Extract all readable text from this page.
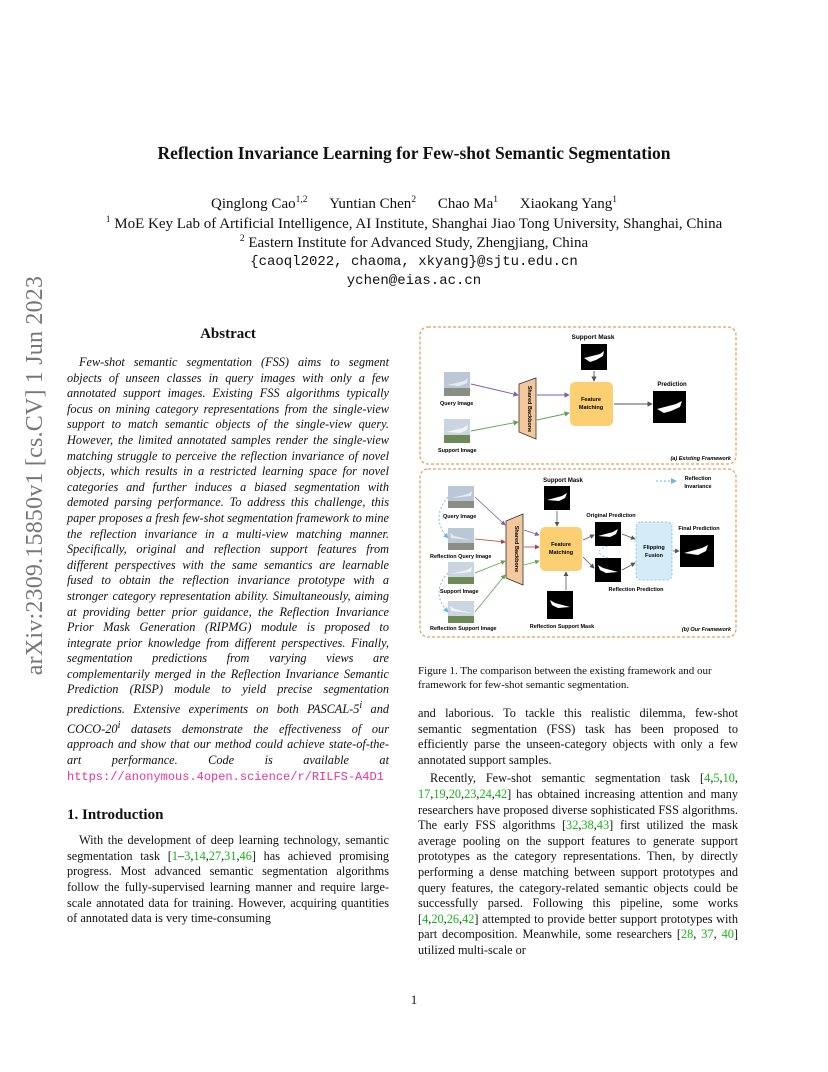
arXiv:2309.15850v1 [cs.CV] 1 Jun 2023
Reflection Invariance Learning for Few-shot Semantic Segmentation
Qinglong Cao$^{1,2}$ Yuntian Chen$^2$ Chao Ma$^1$ Xiaokang Yang$^1$
$^1$ MoE Key Lab of Artificial Intelligence, AI Institute, Shanghai Jiao Tong University, Shanghai, China
$^2$ Eastern Institute for Advanced Study, Zhengjiang, China
{caoql2022, chaoma, xkyang}@sjtu.edu.cn
ychen@eias.ac.cn
Abstract
Few-shot semantic segmentation (FSS) aims to segment objects of unseen classes in query images with only a few annotated support images. Existing FSS algorithms typically focus on mining category representations from the single-view support to match semantic objects of the single-view query. However, the limited annotated samples render the single-view matching struggle to perceive the reflection invariance of novel objects, which results in a restricted learning space for novel categories and further induces a biased segmentation with demoted parsing performance. To address this challenge, this paper proposes a fresh few-shot segmentation framework to mine the reflection invariance in a multi-view matching manner. Specifically, original and reflection support features from different perspectives with the same semantics are learnable fused to obtain the reflection invariance prototype with a stronger category representation ability. Simultaneously, aiming at providing better prior guidance, the Reflection Invariance Prior Mask Generation (RIPMG) module is proposed to integrate prior knowledge from different perspectives. Finally, segmentation predictions from varying views are complementarily merged in the Reflection Invariance Semantic Prediction (RISP) module to yield precise segmentation predictions. Extensive experiments on both PASCAL-5$^i$ and COCO-20$^i$ datasets demonstrate the effectiveness of our approach and show that our method could achieve state-of-the-art performance. Code is available at https://anonymous.4open.science/r/RILFS-A4D1
1. Introduction
With the development of deep learning technology, semantic segmentation task [1–3,14,27,31,46] has achieved promising progress. Most advanced semantic segmentation algorithms follow the fully-supervised learning manner and require large-scale annotated data for training. However, acquiring quantities of annotated data is very time-consuming
Support Mask
Query Image
Support Image
Shared Backbone	Feature
Matching
Prediction
(a) Existing Framework
Support Mask	Reflection
Invariance
Query Image
Reflection Query Image
Support Image
Reflection Support Image
Shared Backbone	Feature
Matching
Reflection Support Mask
Original Prediction
Reflection Prediction
Flipping
Fusion
Final Prediction
(b) Our Framework
Figure 1. The comparison between the existing framework and our framework for few-shot semantic segmentation.
and laborious. To tackle this realistic dilemma, few-shot semantic segmentation (FSS) task has been proposed to efficiently parse the unseen-category objects with only a few annotated support samples.
Recently, Few-shot semantic segmentation task [4,5,10, 17,19,20,23,24,42] has obtained increasing attention and many researchers have proposed diverse sophisticated FSS algorithms. The early FSS algorithms [32,38,43] first utilized the mask average pooling on the support features to generate support prototypes as the category representations. Then, by directly performing a dense matching between support prototypes and query features, the category-related semantic objects could be successfully parsed. Following this pipeline, some works [4,20,26,42] attempted to provide better support prototypes with part decomposition. Meanwhile, some researchers [28, 37, 40] utilized multi-scale or
1
